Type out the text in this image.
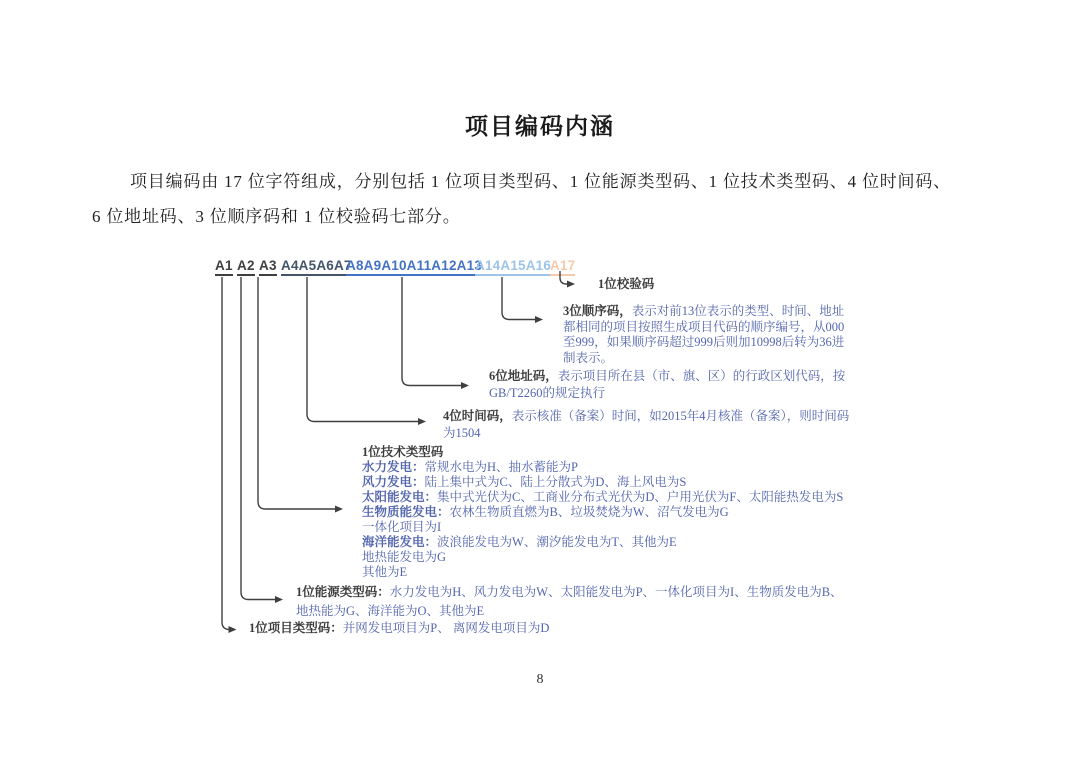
项目编码内涵
项目编码由 17 位字符组成，分别包括 1 位项目类型码、1 位能源类型码、1 位技术类型码、4 位时间码、
6 位地址码、3 位顺序码和 1 位校验码七部分。
A1 A2 A3 A4A5A6A7
A8A9A10A11A12A13
A14A15A16
A17
1位校验码
3位顺序码，表示对前13位表示的类型、时间、地址都相同的项目按照生成项目代码的顺序编号，从000至999，如果顺序码超过999后则加10998后转为36进制表示。
6位地址码，表示项目所在县（市、旗、区）的行政区划代码，按GB/T2260的规定执行
4位时间码，表示核准（备案）时间，如2015年4月核准（备案），则时间码为1504
1位技术类型码
水力发电：常规水电为H、抽水蓄能为P
风力发电：陆上集中式为C、陆上分散式为D、海上风电为S
太阳能发电：集中式光伏为C、工商业分布式光伏为D、户用光伏为F、太阳能热发电为S
生物质能发电：农林生物质直燃为B、垃圾焚烧为W、沼气发电为G
一体化项目为I
海洋能发电：波浪能发电为W、潮汐能发电为T、其他为E
地热能发电为G
其他为E
1位能源类型码：水力发电为H、风力发电为W、太阳能发电为P、一体化项目为I、生物质发电为B、地热能为G、海洋能为O、其他为E
1位项目类型码：并网发电项目为P、 离网发电项目为D
8
